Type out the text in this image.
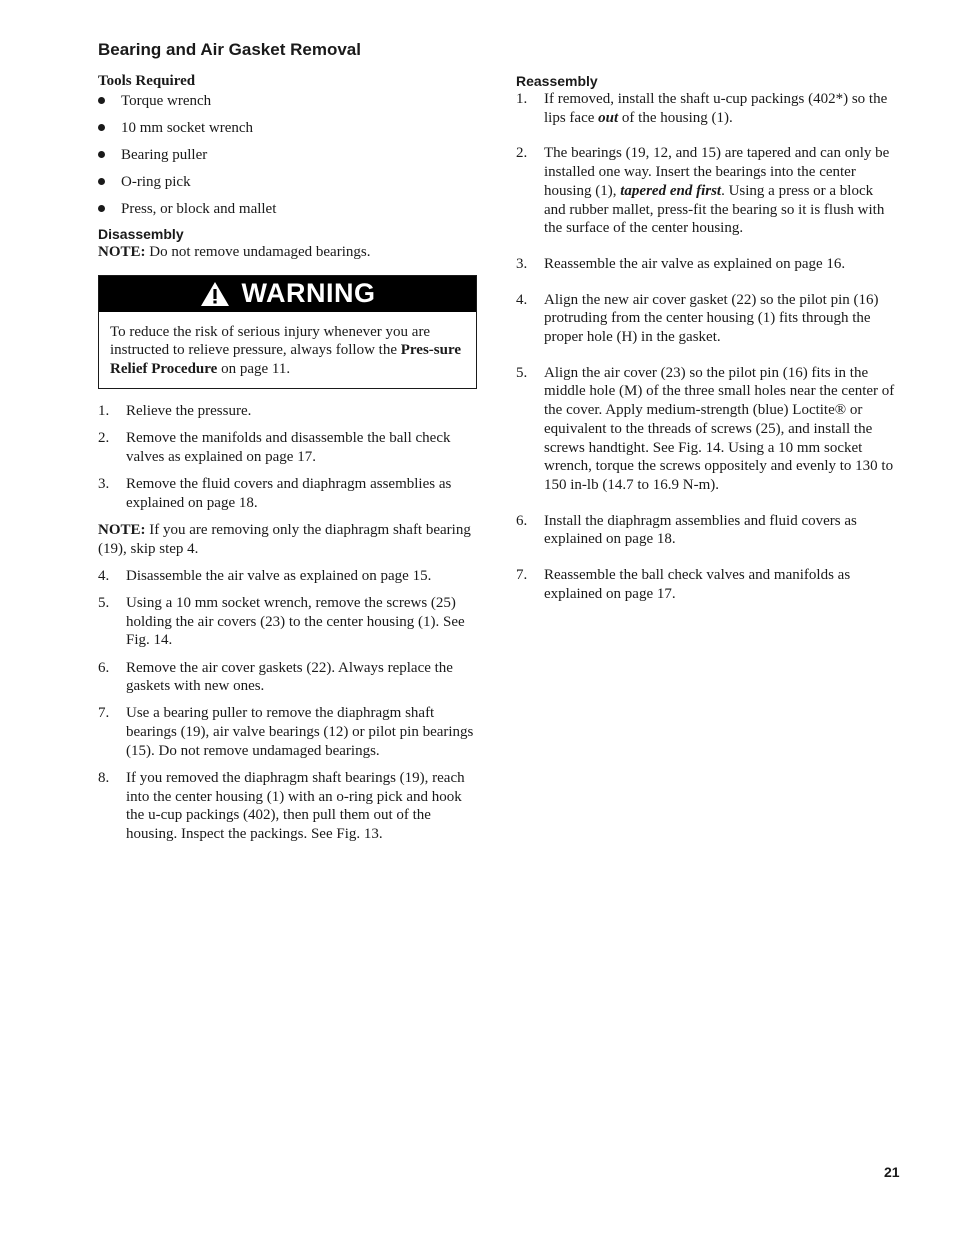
Bearing and Air Gasket Removal
Tools Required
Torque wrench
10 mm socket wrench
Bearing puller
O-ring pick
Press, or block and mallet
Disassembly

NOTE: Do not remove undamaged bearings.

WARNING
To reduce the risk of serious injury whenever you are instructed to relieve pressure, always follow the Pres-sure Relief Procedure on page 11.
1. Relieve the pressure.
2. Remove the manifolds and disassemble the ball check valves as explained on page 17.
3. Remove the fluid covers and diaphragm assemblies as explained on page 18.

NOTE: If you are removing only the diaphragm shaft bearing (19), skip step 4.

4. Disassemble the air valve as explained on page 15.
5. Using a 10 mm socket wrench, remove the screws (25) holding the air covers (23) to the center housing (1). See Fig. 14.
6. Remove the air cover gaskets (22). Always replace the gaskets with new ones.
7. Use a bearing puller to remove the diaphragm shaft bearings (19), air valve bearings (12) or pilot pin bearings (15). Do not remove undamaged bearings.
8. If you removed the diaphragm shaft bearings (19), reach into the center housing (1) with an o-ring pick and hook the u-cup packings (402), then pull them out of the housing. Inspect the packings. See Fig. 13.
Reassembly
1. If removed, install the shaft u-cup packings (402*) so the lips face out of the housing (1).
2. The bearings (19, 12, and 15) are tapered and can only be installed one way. Insert the bearings into the center housing (1), tapered end first. Using a press or a block and rubber mallet, press-fit the bearing so it is flush with the surface of the center housing.
3. Reassemble the air valve as explained on page 16.
4. Align the new air cover gasket (22) so the pilot pin (16) protruding from the center housing (1) fits through the proper hole (H) in the gasket.
5. Align the air cover (23) so the pilot pin (16) fits in the middle hole (M) of the three small holes near the center of the cover. Apply medium-strength (blue) Loctite® or equivalent to the threads of screws (25), and install the screws handtight. See Fig. 14. Using a 10 mm socket wrench, torque the screws oppositely and evenly to 130 to 150 in-lb (14.7 to 16.9 N-m).
6. Install the diaphragm assemblies and fluid covers as explained on page 18.
7. Reassemble the ball check valves and manifolds as explained on page 17.
21
